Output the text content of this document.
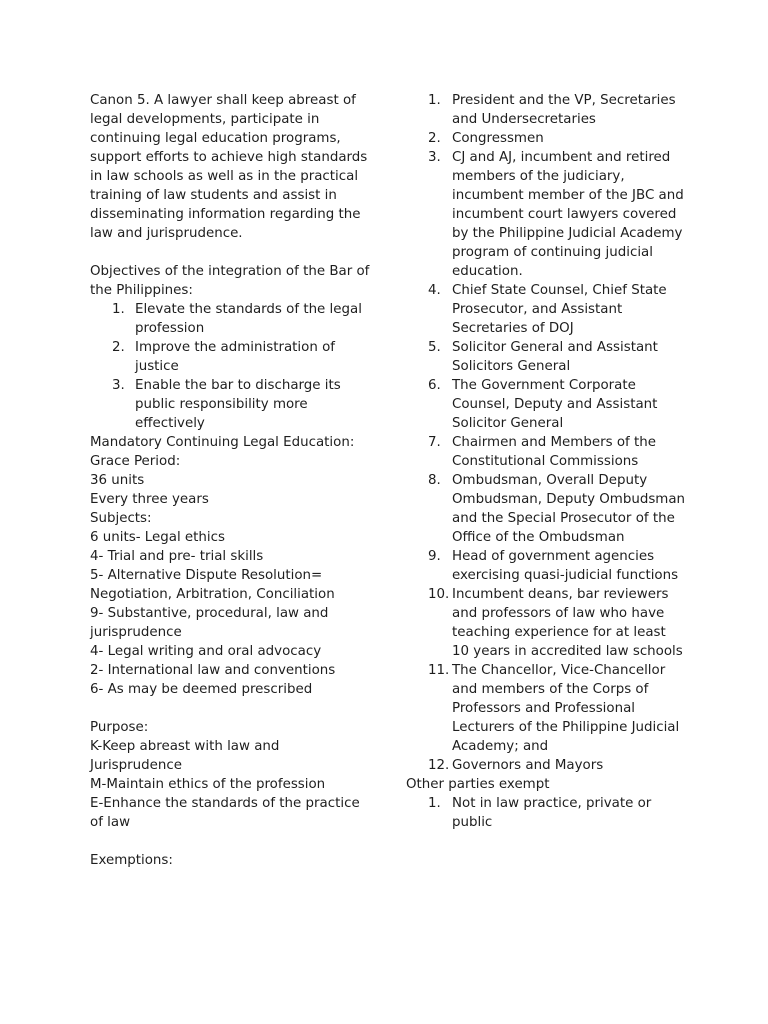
Canon 5. A lawyer shall keep abreast of legal developments, participate in continuing legal education programs, support efforts to achieve high standards in law schools as well as in the practical training of law students and assist in disseminating information regarding the law and jurisprudence.

Objectives of the integration of the Bar of the Philippines:

1. Elevate the standards of the legal profession
2. Improve the administration of justice
3. Enable the bar to discharge its public responsibility more effectively
Mandatory Continuing Legal Education:
Grace Period:
36 units
Every three years
Subjects:
6 units- Legal ethics
4- Trial and pre- trial skills
5- Alternative Dispute Resolution= Negotiation, Arbitration, Conciliation
9- Substantive, procedural, law and jurisprudence
4- Legal writing and oral advocacy
2- International law and conventions
6- As may be deemed prescribed
Purpose:
K-Keep abreast with law and Jurisprudence
M-Maintain ethics of the profession
E-Enhance the standards of the practice of law
Exemptions:
1. President and the VP, Secretaries and Undersecretaries
2. Congressmen
3. CJ and AJ, incumbent and retired members of the judiciary, incumbent member of the JBC and incumbent court lawyers covered by the Philippine Judicial Academy program of continuing judicial education.
4. Chief State Counsel, Chief State Prosecutor, and Assistant Secretaries of DOJ
5. Solicitor General and Assistant Solicitors General
6. The Government Corporate Counsel, Deputy and Assistant Solicitor General
7. Chairmen and Members of the Constitutional Commissions
8. Ombudsman, Overall Deputy Ombudsman, Deputy Ombudsman and the Special Prosecutor of the Office of the Ombudsman
9. Head of government agencies exercising quasi-judicial functions
10. Incumbent deans, bar reviewers and professors of law who have teaching experience for at least 10 years in accredited law schools
11. The Chancellor, Vice-Chancellor and members of the Corps of Professors and Professional Lecturers of the Philippine Judicial Academy; and
12. Governors and Mayors
Other parties exempt
1. Not in law practice, private or public
